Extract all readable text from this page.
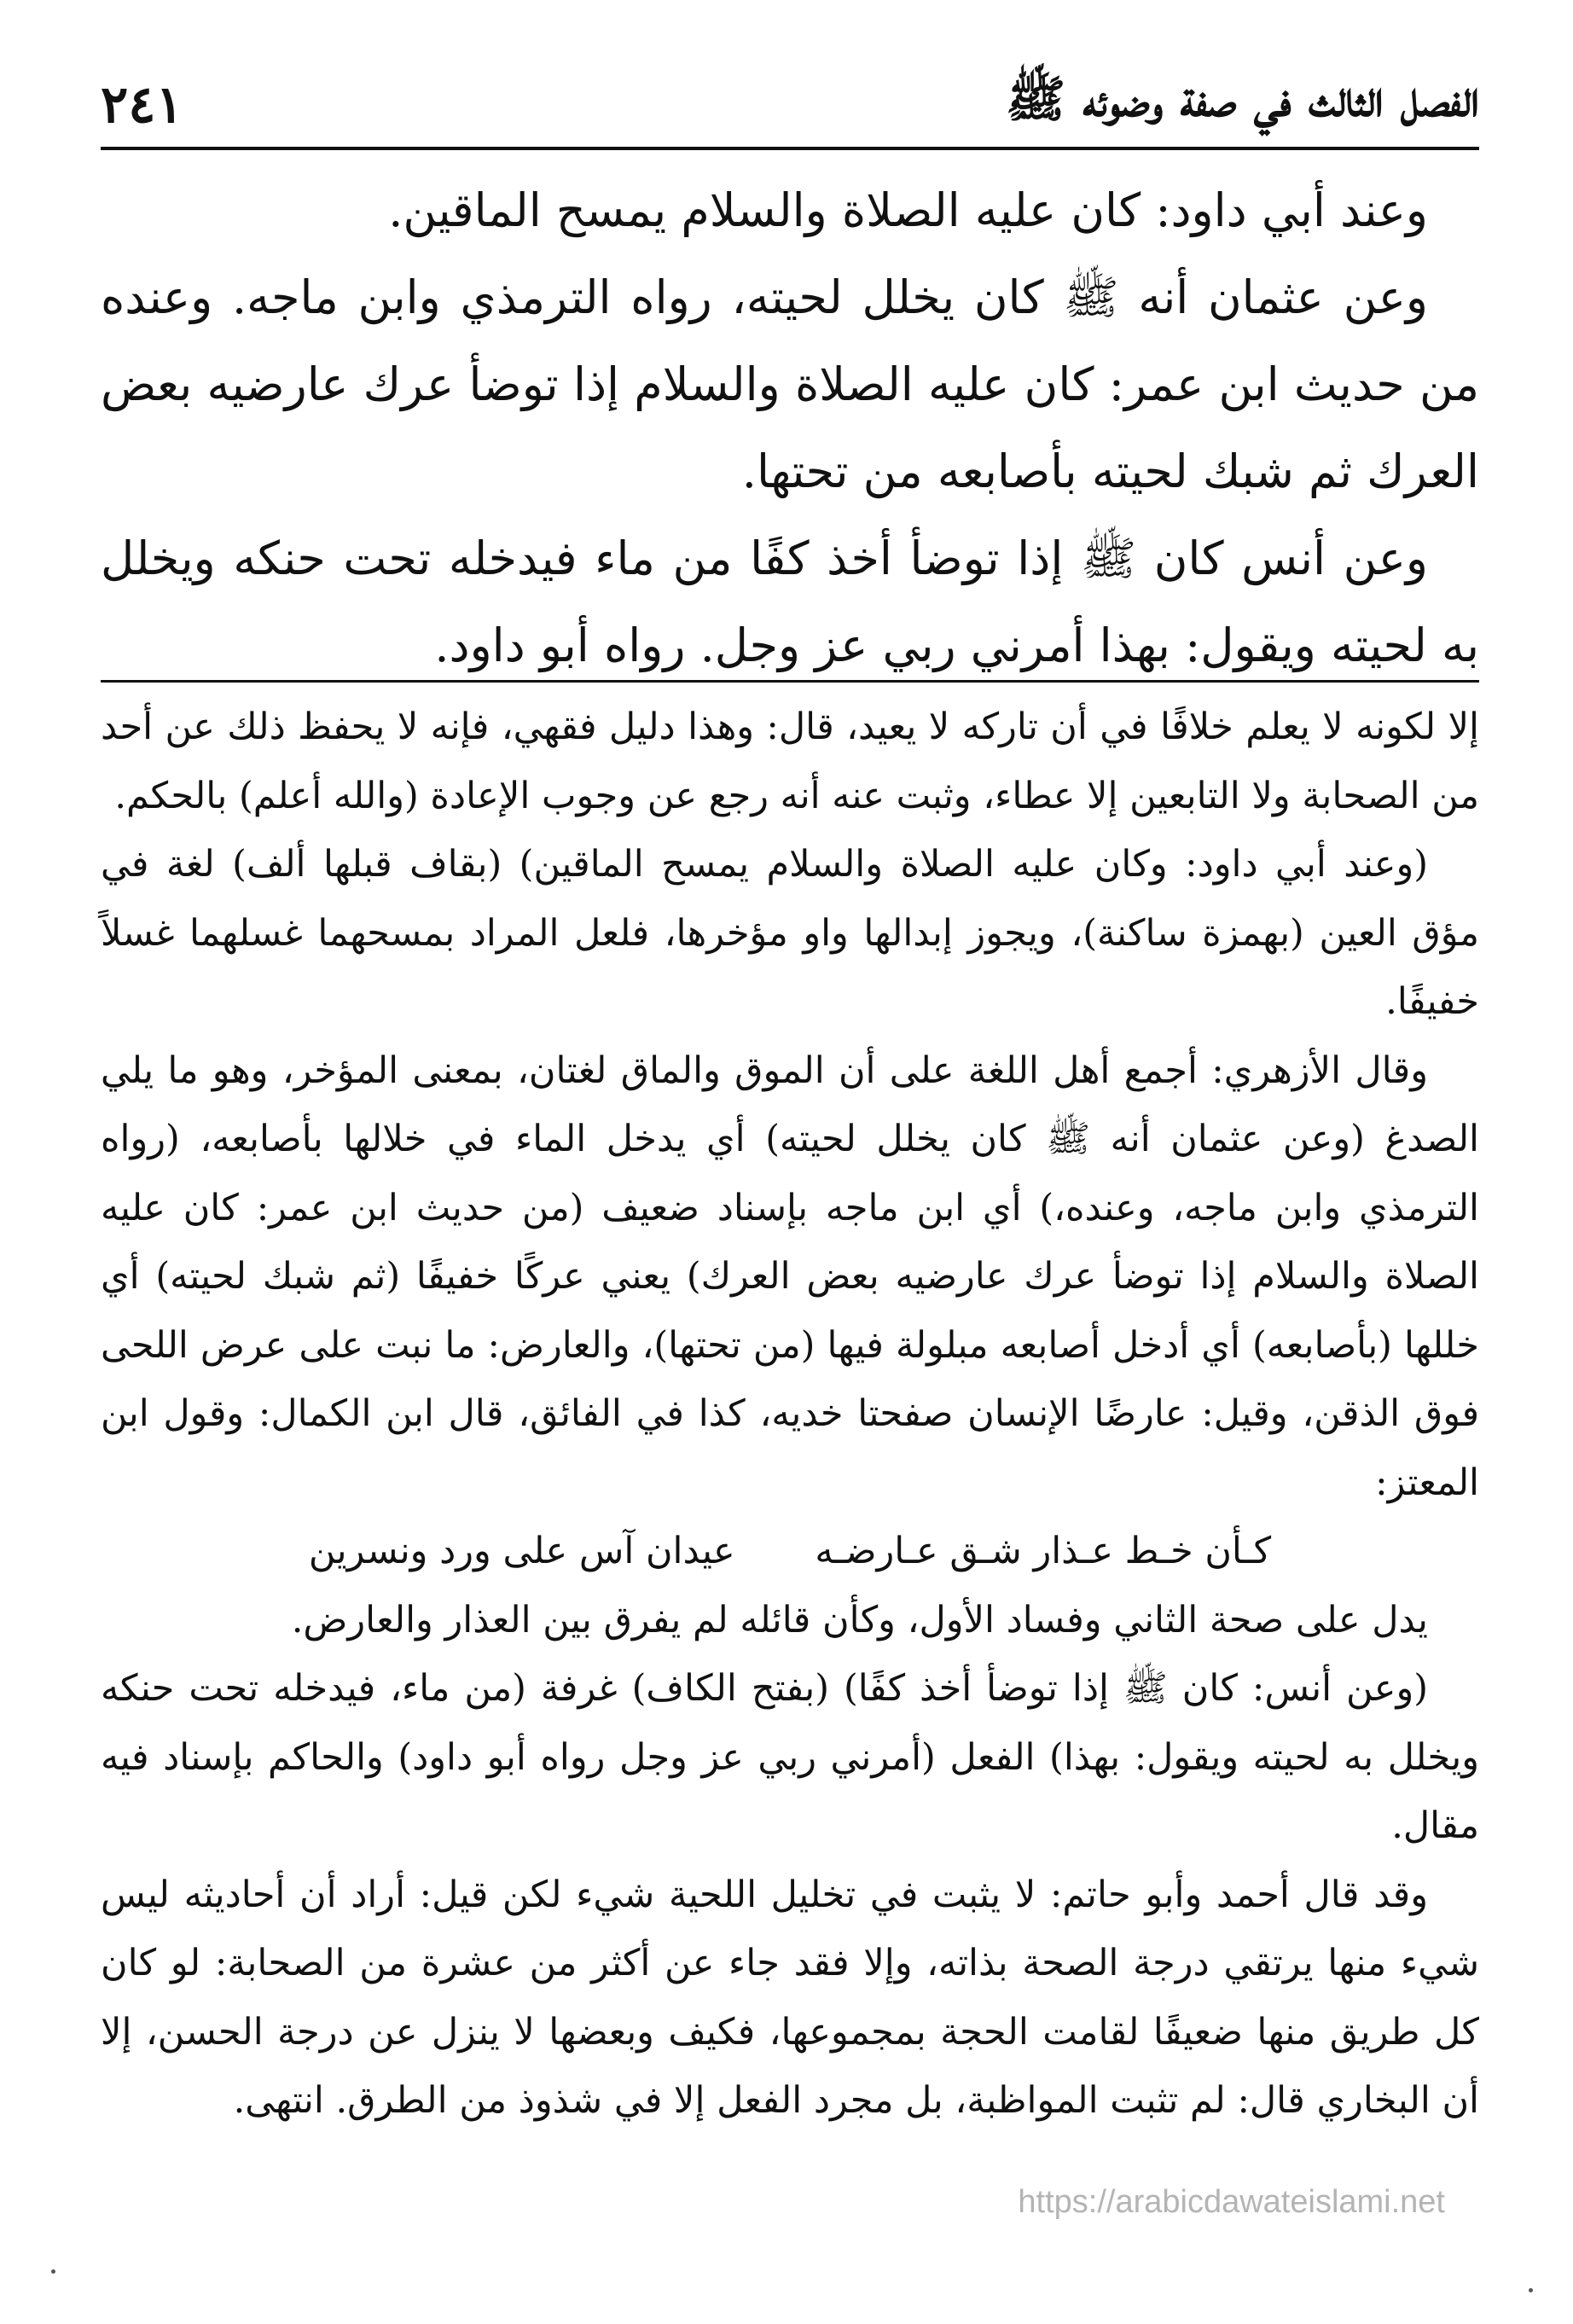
الفصل الثالث في صفة وضوئه ﷺ
٢٤١

وعند أبي داود: كان عليه الصلاة والسلام يمسح الماقين.

وعن عثمان أنه ﷺ كان يخلل لحيته، رواه الترمذي وابن ماجه. وعنده من حديث ابن عمر: كان عليه الصلاة والسلام إذا توضأ عرك عارضيه بعض العرك ثم شبك لحيته بأصابعه من تحتها.

وعن أنس كان ﷺ إذا توضأ أخذ كفًا من ماء فيدخله تحت حنكه ويخلل به لحيته ويقول: بهذا أمرني ربي عز وجل. رواه أبو داود.

إلا لكونه لا يعلم خلافًا في أن تاركه لا يعيد، قال: وهذا دليل فقهي، فإنه لا يحفظ ذلك عن أحد من الصحابة ولا التابعين إلا عطاء، وثبت عنه أنه رجع عن وجوب الإعادة (والله أعلم) بالحكم.

(وعند أبي داود: وكان عليه الصلاة والسلام يمسح الماقين) (بقاف قبلها ألف) لغة في مؤق العين (بهمزة ساكنة)، ويجوز إبدالها واو مؤخرها، فلعل المراد بمسحهما غسلهما غسلاً خفيفًا.

وقال الأزهري: أجمع أهل اللغة على أن الموق والماق لغتان، بمعنى المؤخر، وهو ما يلي الصدغ (وعن عثمان أنه ﷺ كان يخلل لحيته) أي يدخل الماء في خلالها بأصابعه، (رواه الترمذي وابن ماجه، وعنده،) أي ابن ماجه بإسناد ضعيف (من حديث ابن عمر: كان عليه الصلاة والسلام إذا توضأ عرك عارضيه بعض العرك) يعني عركًا خفيفًا (ثم شبك لحيته) أي خللها (بأصابعه) أي أدخل أصابعه مبلولة فيها (من تحتها)، والعارض: ما نبت على عرض اللحى فوق الذقن، وقيل: عارضًا الإنسان صفحتا خديه، كذا في الفائق، قال ابن الكمال: وقول ابن المعتز:

كـأن خـط عـذار شـق عـارضـه عيدان آس على ورد ونسرين

يدل على صحة الثاني وفساد الأول، وكأن قائله لم يفرق بين العذار والعارض.

(وعن أنس: كان ﷺ إذا توضأ أخذ كفًا) (بفتح الكاف) غرفة (من ماء، فيدخله تحت حنكه ويخلل به لحيته ويقول: بهذا) الفعل (أمرني ربي عز وجل رواه أبو داود) والحاكم بإسناد فيه مقال.

وقد قال أحمد وأبو حاتم: لا يثبت في تخليل اللحية شيء لكن قيل: أراد أن أحاديثه ليس شيء منها يرتقي درجة الصحة بذاته، وإلا فقد جاء عن أكثر من عشرة من الصحابة: لو كان كل طريق منها ضعيفًا لقامت الحجة بمجموعها، فكيف وبعضها لا ينزل عن درجة الحسن، إلا أن البخاري قال: لم تثبت المواظبة، بل مجرد الفعل إلا في شذوذ من الطرق. انتهى.

https://arabicdawateislami.net
